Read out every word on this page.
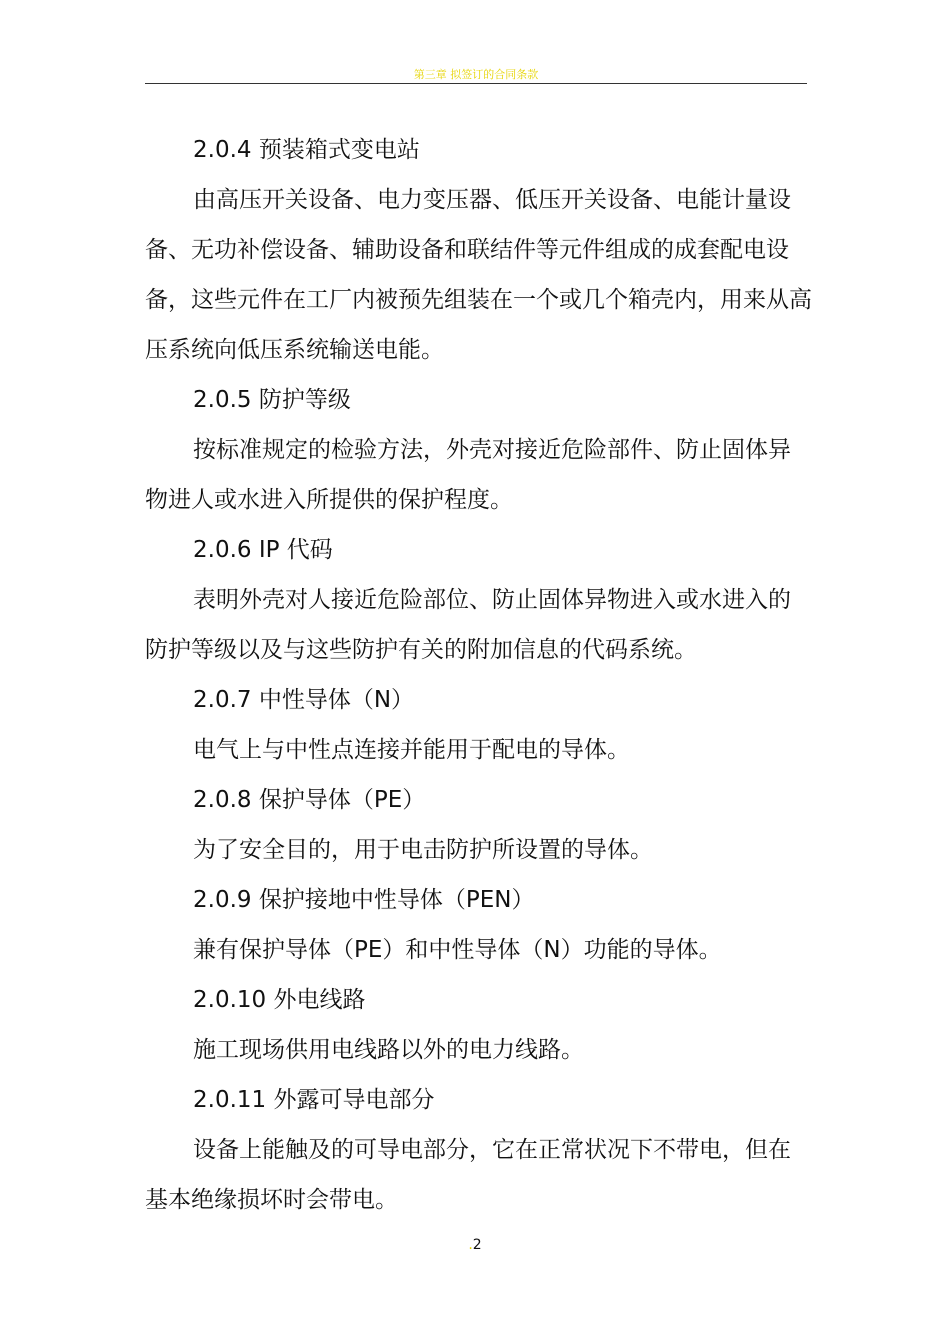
第三章 拟签订的合同条款

2.0.4 预装箱式变电站

由高压开关设备、电力变压器、低压开关设备、电能计量设备、无功补偿设备、辅助设备和联结件等元件组成的成套配电设备，这些元件在工厂内被预先组装在一个或几个箱壳内，用来从高压系统向低压系统输送电能。

2.0.5 防护等级

按标准规定的检验方法，外壳对接近危险部件、防止固体异物进人或水进入所提供的保护程度。

2.0.6 IP 代码

表明外壳对人接近危险部位、防止固体异物进入或水进入的防护等级以及与这些防护有关的附加信息的代码系统。

2.0.7 中性导体（N）

电气上与中性点连接并能用于配电的导体。

2.0.8 保护导体（PE）

为了安全目的，用于电击防护所设置的导体。

2.0.9 保护接地中性导体（PEN）

兼有保护导体（PE）和中性导体（N）功能的导体。

2.0.10 外电线路

施工现场供用电线路以外的电力线路。

2.0.11 外露可导电部分

设备上能触及的可导电部分，它在正常状况下不带电，但在基本绝缘损坏时会带电。

.2
